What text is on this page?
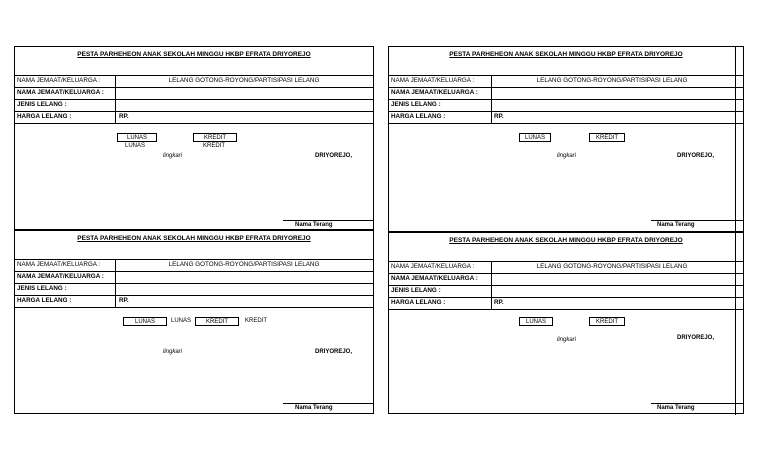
PESTA PARHEHEON ANAK SEKOLAH MINGGU HKBP EFRATA DRIYOREJO
NAMA JEMAAT/KELUARGA :	LELANG GOTONG-ROYONG/PARTISIPASI LELANG
NAMA JEMAAT/KELUARGA :
JENIS LELANG :
HARGA LELANG :	RP.
LUNAS	KREDIT
LUNAS	KREDIT
lingkari	DRIYOREJO,
Nama Terang
PESTA PARHEHEON ANAK SEKOLAH MINGGU HKBP EFRATA DRIYOREJO
NAMA JEMAAT/KELUARGA :	LELANG GOTONG-ROYONG/PARTISIPASI LELANG
NAMA JEMAAT/KELUARGA :
JENIS LELANG :
HARGA LELANG :	RP.
LUNAS	LUNAS	KREDIT	KREDIT
lingkari	DRIYOREJO,
Nama Terang
PESTA PARHEHEON ANAK SEKOLAH MINGGU HKBP EFRATA DRIYOREJO
NAMA JEMAAT/KELUARGA :	LELANG GOTONG-ROYONG/PARTISIPASI LELANG
NAMA JEMAAT/KELUARGA :
JENIS LELANG :
HARGA LELANG :	RP.
LUNAS	KREDIT
lingkari	DRIYOREJO,
Nama Terang
PESTA PARHEHEON ANAK SEKOLAH MINGGU HKBP EFRATA DRIYOREJO
NAMA JEMAAT/KELUARGA :	LELANG GOTONG-ROYONG/PARTISIPASI LELANG
NAMA JEMAAT/KELUARGA :
JENIS LELANG :
HARGA LELANG :	RP.
LUNAS	KREDIT
lingkari	DRIYOREJO,
Nama Terang
